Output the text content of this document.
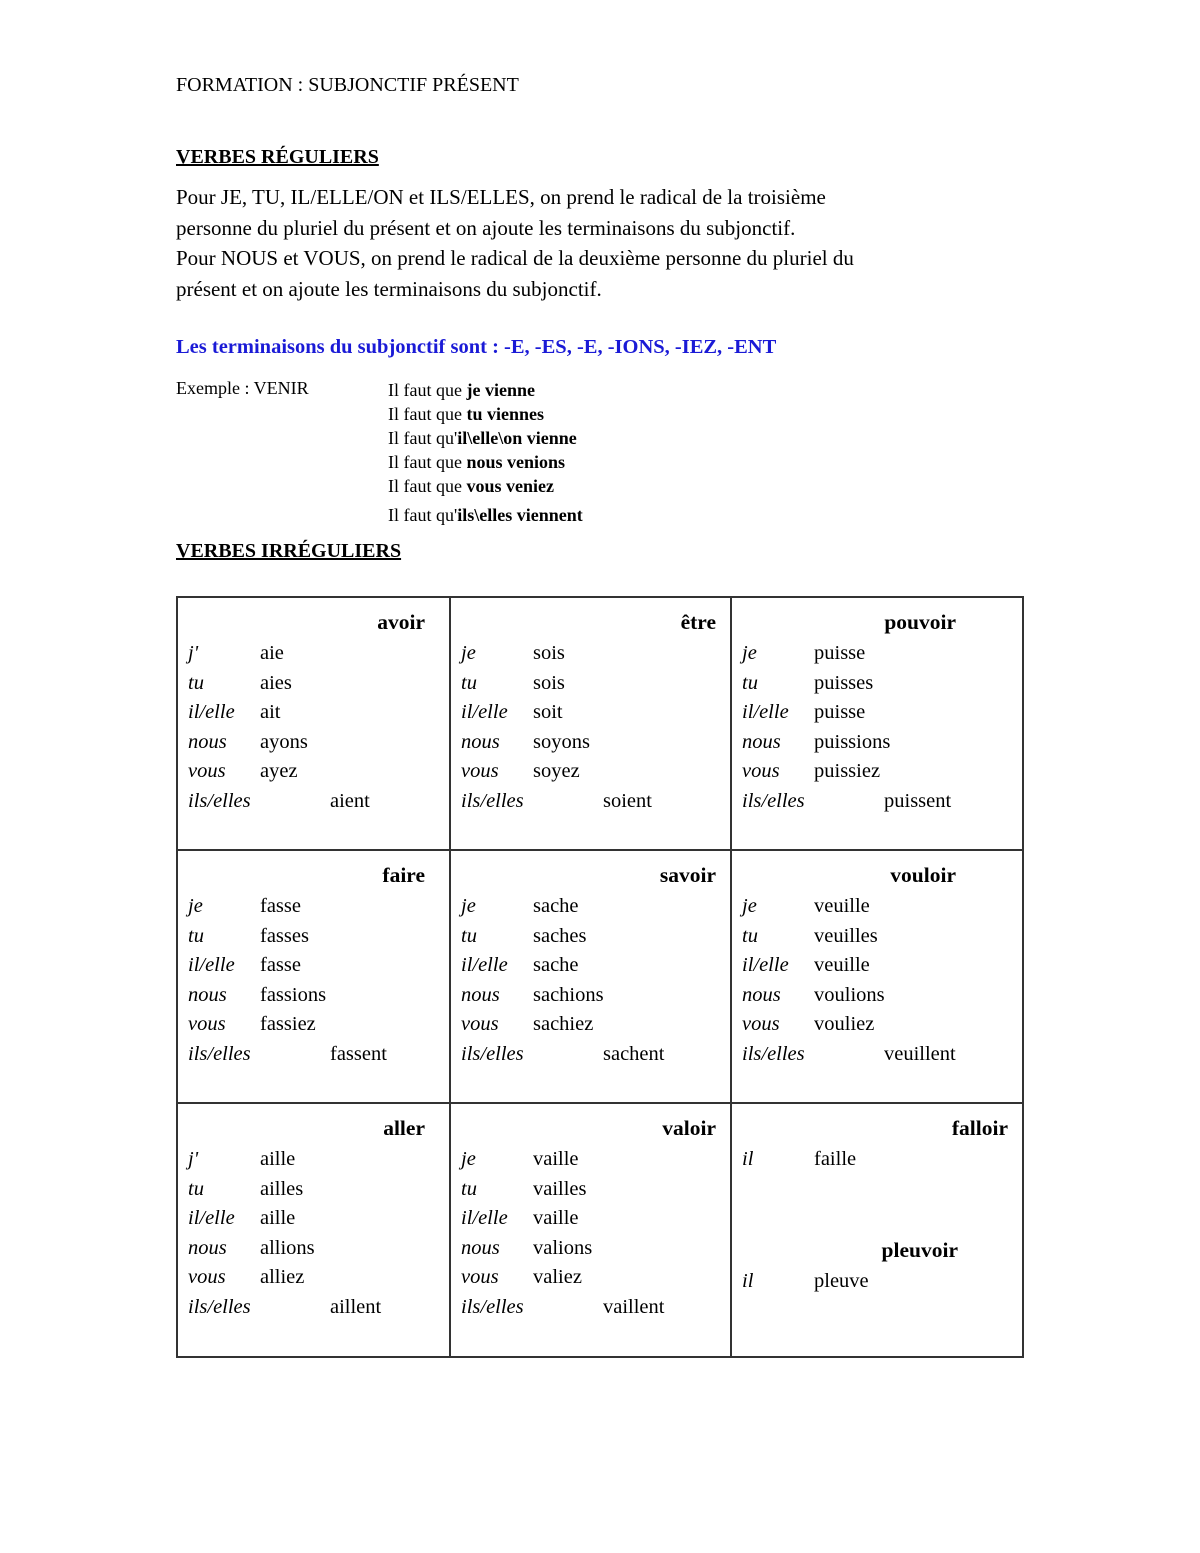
FORMATION : SUBJONCTIF PRÉSENT
VERBES RÉGULIERS
Pour JE, TU, IL/ELLE/ON et ILS/ELLES, on prend le radical de la troisième
personne du pluriel du présent et on ajoute les terminaisons du subjonctif.
Pour NOUS et VOUS, on prend le radical de la deuxième personne du pluriel du
présent et on ajoute les terminaisons du subjonctif.
Les terminaisons du subjonctif sont : -E, -ES, -E, -IONS, -IEZ, -ENT
Exemple : VENIR	Il faut que je vienne
Il faut que tu viennes
Il faut qu'il\elle\on vienne
Il faut que nous venions
Il faut que vous veniez
Il faut qu'ils\elles viennent
VERBES IRRÉGULIERS
avoir
j'	aie
tu	aies
il/elle ait
nous ayons
vous ayez
ils/elles	aient
être
je	sois
tu	sois
il/elle soit
nous soyons
vous soyez
ils/elles	soient
pouvoir
je	puisse
tu	puisses
il/elle puisse
nous puissions
vous puissiez
ils/elles	puissent
faire
je	fasse
tu	fasses
il/elle fasse
nous fassions
vous fassiez
ils/elles	fassent
savoir
je	sache
tu	saches
il/elle sache
nous sachions
vous sachiez
ils/elles	sachent
vouloir
je	veuille
tu	veuilles
il/elle veuille
nous voulions
vous vouliez
ils/elles	veuillent
aller
j'	aille
tu	ailles
il/elle aille
nous allions
vous alliez
ils/elles	aillent
valoir
je	vaille
tu	vailles
il/elle vaille
nous valions
vous valiez
ils/elles	vaillent
falloir
il	faille
pleuvoir
il	pleuve
